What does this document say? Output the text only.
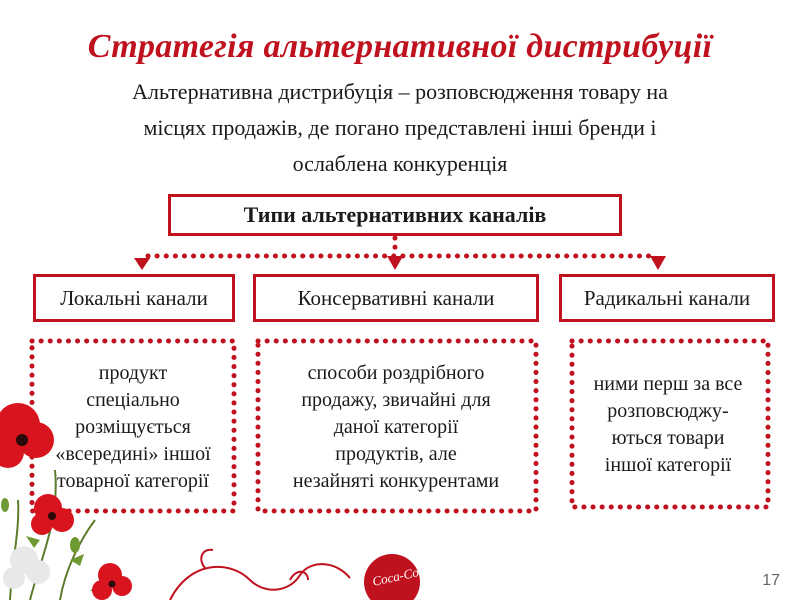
Стратегія альтернативної дистрибуції
Альтернативна дистрибуція – розповсюдження товару на
місцях продажів, де погано представлені інші бренди і
ослаблена конкуренція
Типи альтернативних каналів
Локальні канали	Консервативні канали	Радикальні канали
продукт
спеціально
розміщується
«всередині» іншої
товарної категорії
способи роздрібного
продажу, звичайні для
даної категорії
продуктів, але
незайняті конкурентами
ними перш за все
розповсюджу-
ються товари
іншої категорії
Coca-Cola	17
